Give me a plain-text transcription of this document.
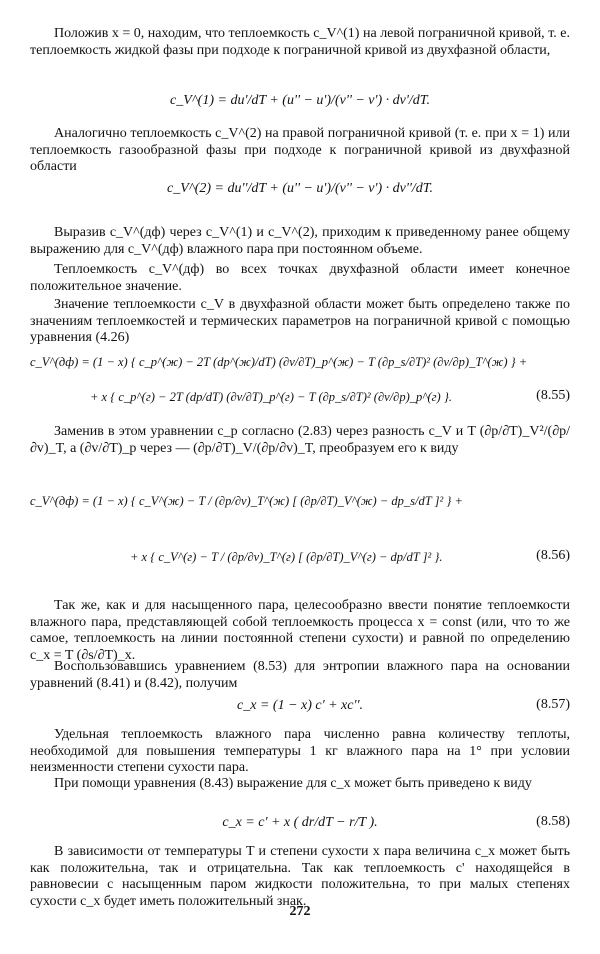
Положив x = 0, находим, что теплоемкость c_V^(1) на левой пограничной кривой, т. е. теплоемкость жидкой фазы при подходе к пограничной кривой из двухфазной области,

c_V^(1) = du'/dT + (u'' − u')/(v'' − v') · dv'/dT.

Аналогично теплоемкость c_V^(2) на правой пограничной кривой (т. е. при x = 1) или теплоемкость газообразной фазы при подходе к пограничной кривой из двухфазной области

c_V^(2) = du''/dT + (u'' − u')/(v'' − v') · dv''/dT.

Выразив c_V^(дф) через c_V^(1) и c_V^(2), приходим к приведенному ранее общему выражению для c_V^(дф) влажного пара при постоянном объеме.

Теплоемкость c_V^(дф) во всех точках двухфазной области имеет конечное положительное значение.

Значение теплоемкости c_V в двухфазной области может быть определено также по значениям теплоемкостей и термических параметров на пограничной кривой с помощью уравнения (4.26)

c_V^(дф) = (1 − x) { c_p^(ж) − 2T (dp^(ж)/dT) (∂v/∂T)_p^(ж) − T (∂p_s/∂T)² (∂v/∂p)_T^(ж) } +
+ x { c_p^(г) − 2T (dp/dT) (∂v/∂T)_p^(г) − T (∂p_s/∂T)² (∂v/∂p)_p^(г) }.	(8.55)

Заменив в этом уравнении c_p согласно (2.83) через разность c_V и T (∂p/∂T)_V²/(∂p/∂v)_T, а (∂v/∂T)_p через — (∂p/∂T)_V/(∂p/∂v)_T, преобразуем его к виду

c_V^(дф) = (1 − x) { c_V^(ж) − T / (∂p/∂v)_T^(ж) [ (∂p/∂T)_V^(ж) − dp_s/dT ]² } +
+ x { c_V^(г) − T / (∂p/∂v)_T^(г) [ (∂p/∂T)_V^(г) − dp/dT ]² }.	(8.56)

Так же, как и для насыщенного пара, целесообразно ввести понятие теплоемкости влажного пара, представляющей собой теплоемкость процесса x = const (или, что то же самое, теплоемкость на линии постоянной степени сухости) и равной по определению c_x = T (∂s/∂T)_x.

Воспользовавшись уравнением (8.53) для энтропии влажного пара на основании уравнений (8.41) и (8.42), получим

c_x = (1 − x) c' + xc''.	(8.57)

Удельная теплоемкость влажного пара численно равна количеству теплоты, необходимой для повышения температуры 1 кг влажного пара на 1° при условии неизменности степени сухости пара.

При помощи уравнения (8.43) выражение для c_x может быть приведено к виду

c_x = c' + x ( dr/dT − r/T ).	(8.58)

В зависимости от температуры T и степени сухости x пара величина c_x может быть как положительна, так и отрицательна. Так как теплоемкость c' находящейся в равновесии с насыщенным паром жидкости положительна, то при малых степенях сухости c_x будет иметь положительный знак.

272
